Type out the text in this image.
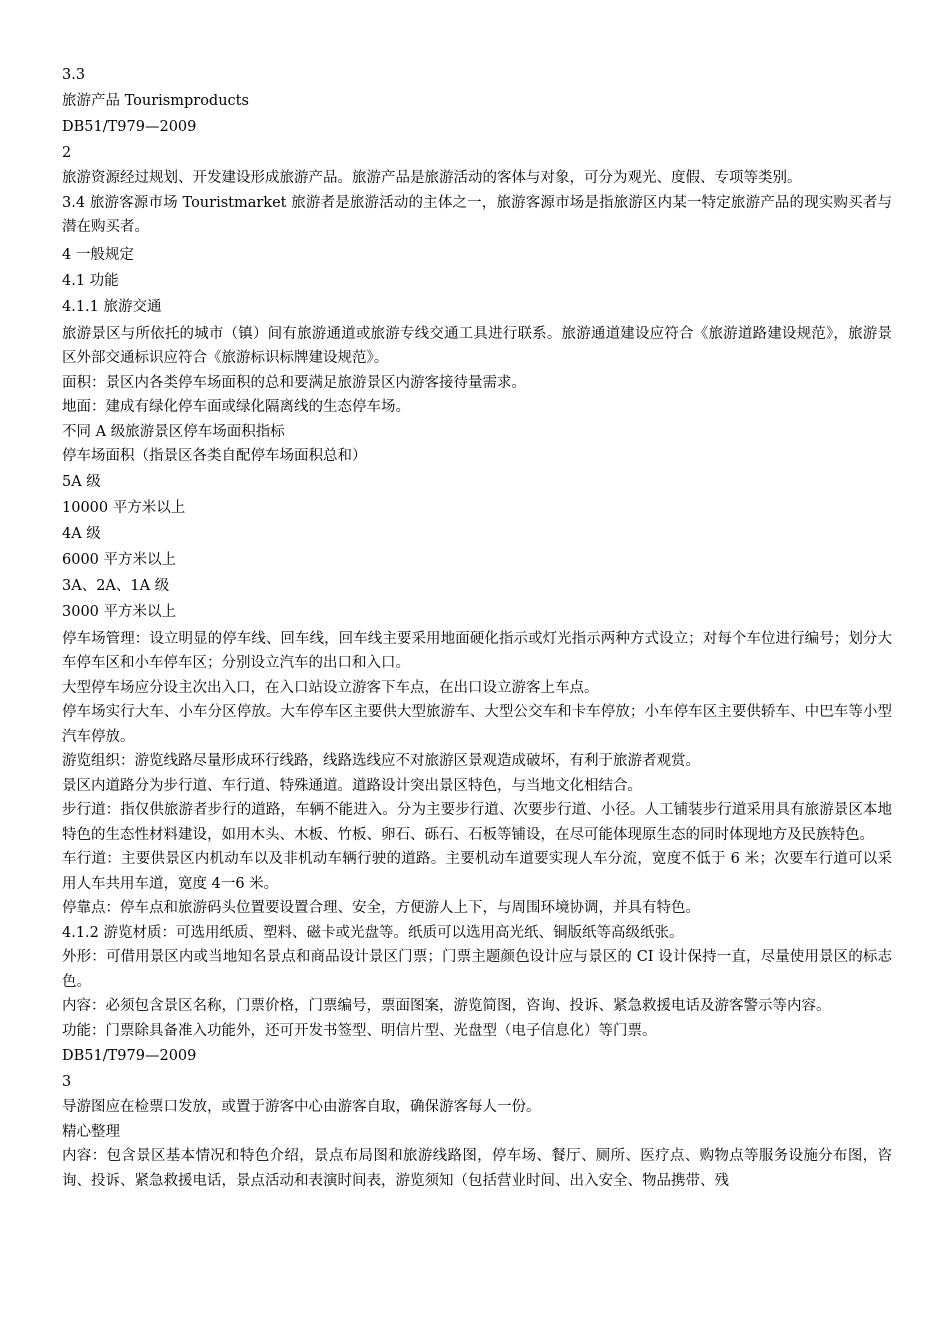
3.3
旅游产品 Tourismproducts
DB51/T979—2009
2
旅游资源经过规划、开发建设形成旅游产品。旅游产品是旅游活动的客体与对象，可分为观光、度假、专项等类别。
3.4 旅游客源市场 Touristmarket 旅游者是旅游活动的主体之一，旅游客源市场是指旅游区内某一特定旅游产品的现实购买者与潜在购买者。
4 一般规定
4.1 功能
4.1.1 旅游交通
旅游景区与所依托的城市（镇）间有旅游通道或旅游专线交通工具进行联系。旅游通道建设应符合《旅游道路建设规范》，旅游景区外部交通标识应符合《旅游标识标牌建设规范》。
面积：景区内各类停车场面积的总和要满足旅游景区内游客接待量需求。
地面：建成有绿化停车面或绿化隔离线的生态停车场。
不同 A 级旅游景区停车场面积指标
停车场面积（指景区各类自配停车场面积总和）
5A 级
10000 平方米以上
4A 级
6000 平方米以上
3A、2A、1A 级
3000 平方米以上
停车场管理：设立明显的停车线、回车线，回车线主要采用地面硬化指示或灯光指示两种方式设立；对每个车位进行编号；划分大车停车区和小车停车区；分别设立汽车的出口和入口。
大型停车场应分设主次出入口，在入口站设立游客下车点，在出口设立游客上车点。
停车场实行大车、小车分区停放。大车停车区主要供大型旅游车、大型公交车和卡车停放；小车停车区主要供轿车、中巴车等小型汽车停放。
游览组织：游览线路尽量形成环行线路，线路选线应不对旅游区景观造成破坏，有利于旅游者观赏。
景区内道路分为步行道、车行道、特殊通道。道路设计突出景区特色，与当地文化相结合。
步行道：指仅供旅游者步行的道路，车辆不能进入。分为主要步行道、次要步行道、小径。人工铺装步行道采用具有旅游景区本地特色的生态性材料建设，如用木头、木板、竹板、卵石、砾石、石板等铺设，在尽可能体现原生态的同时体现地方及民族特色。
车行道：主要供景区内机动车以及非机动车辆行驶的道路。主要机动车道要实现人车分流，宽度不低于 6 米；次要车行道可以采用人车共用车道，宽度 4一6 米。
停靠点：停车点和旅游码头位置要设置合理、安全，方便游人上下，与周围环境协调，并具有特色。
4.1.2 游览材质：可选用纸质、塑料、磁卡或光盘等。纸质可以选用高光纸、铜版纸等高级纸张。
外形：可借用景区内或当地知名景点和商品设计景区门票；门票主题颜色设计应与景区的 CI 设计保持一直，尽量使用景区的标志色。
内容：必须包含景区名称，门票价格，门票编号，票面图案，游览简图，咨询、投诉、紧急救援电话及游客警示等内容。
功能：门票除具备准入功能外，还可开发书签型、明信片型、光盘型（电子信息化）等门票。
DB51/T979—2009
3
导游图应在检票口发放，或置于游客中心由游客自取，确保游客每人一份。
精心整理
内容：包含景区基本情况和特色介绍，景点布局图和旅游线路图，停车场、餐厅、厕所、医疗点、购物点等服务设施分布图，咨询、投诉、紧急救援电话，景点活动和表演时间表，游览须知（包括营业时间、出入安全、物品携带、残
